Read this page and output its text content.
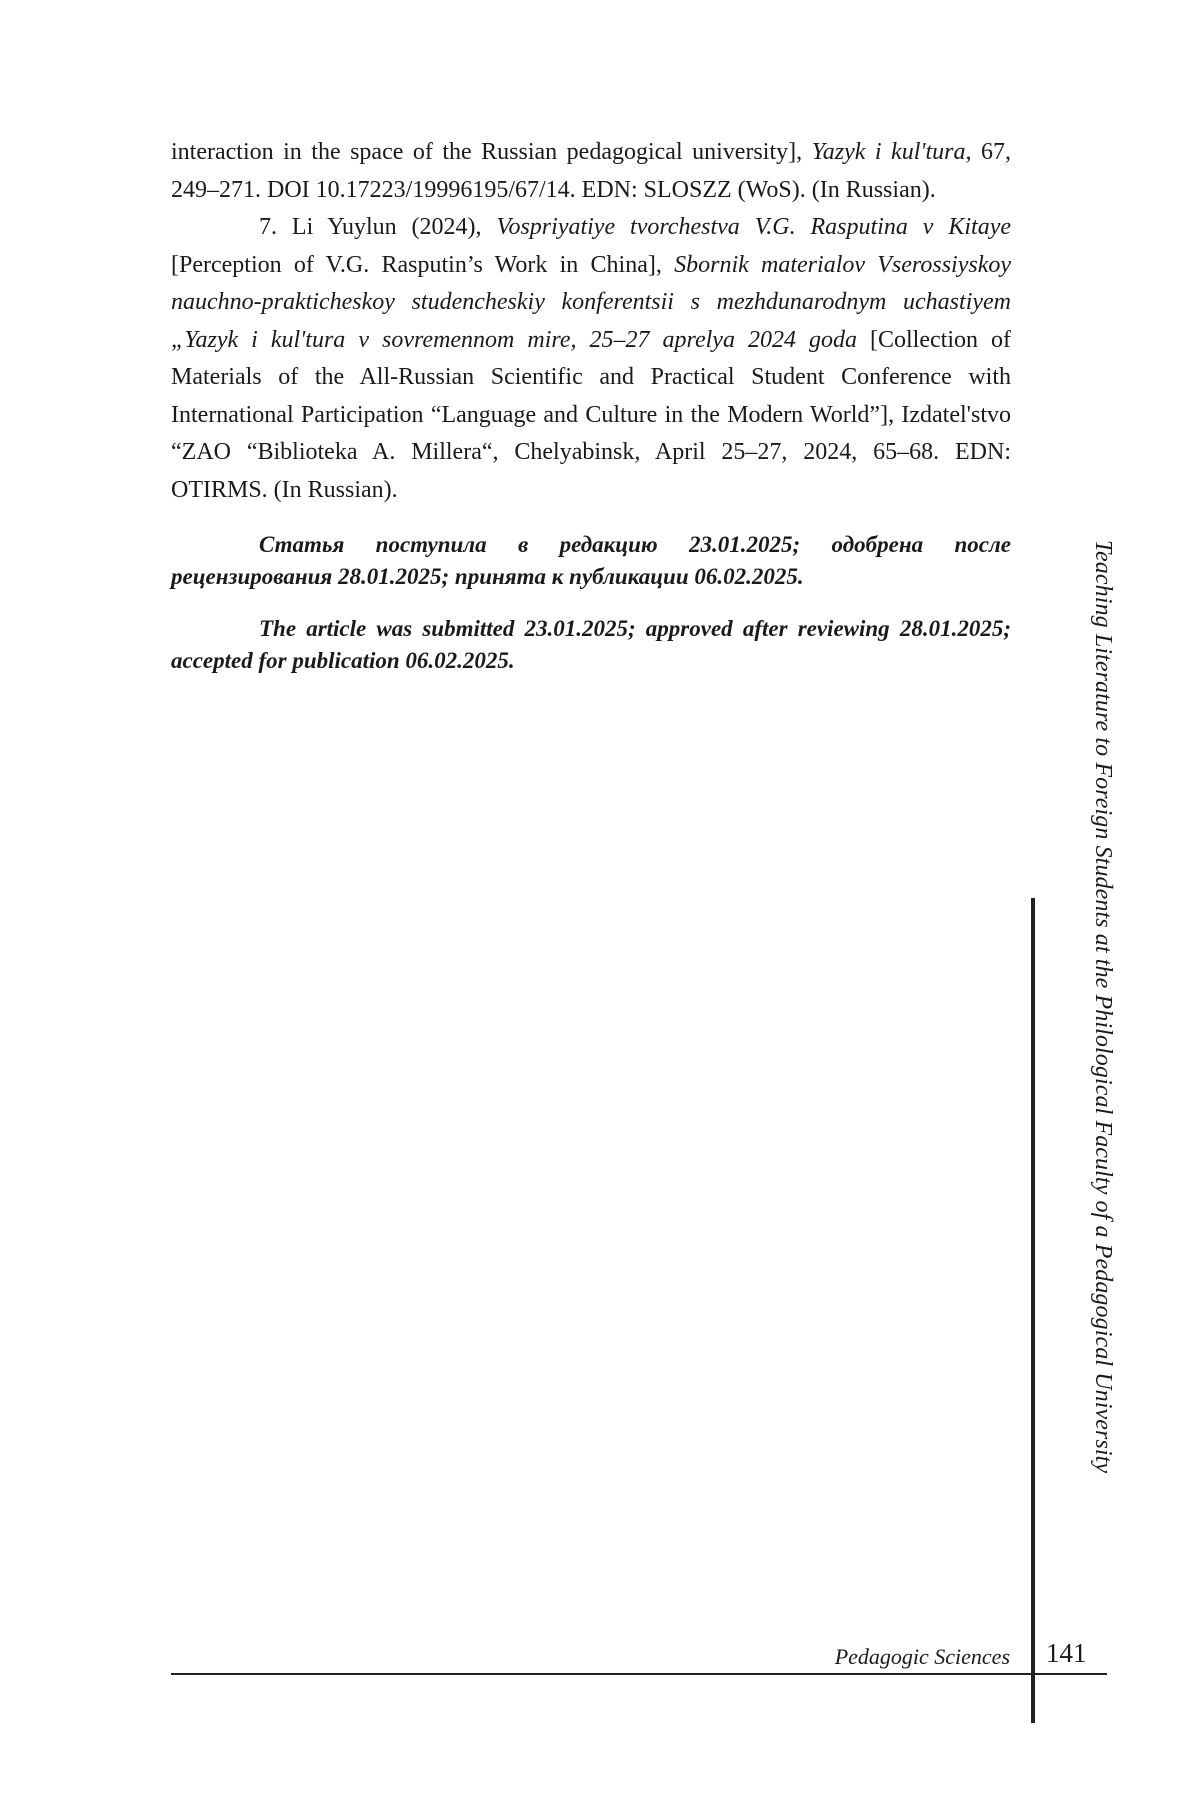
interaction in the space of the Russian pedagogical university], Yazyk i kul'tura, 67, 249–271. DOI 10.17223/19996195/67/14. EDN: SLOSZZ (WoS). (In Russian).

7. Li Yuylun (2024), Vospriyatiye tvorchestva V.G. Rasputina v Kitaye [Perception of V.G. Rasputin’s Work in China], Sbornik materialov Vserossiyskoy nauchno-prakticheskoy studencheskiy konferentsii s mezhdunarodnym uchastiyem „Yazyk i kul'tura v sovremennom mire, 25–27 aprelya 2024 goda [Collection of Materials of the All-Russian Scientific and Practical Student Conference with International Participation “Language and Culture in the Modern World”], Izdatel'stvo “ZAO “Biblioteka A. Millera“, Chelyabinsk, April 25–27, 2024, 65–68. EDN: OTIRMS. (In Russian).

Статья поступила в редакцию 23.01.2025; одобрена после рецензирования 28.01.2025; принята к публикации 06.02.2025.

The article was submitted 23.01.2025; approved after reviewing 28.01.2025; accepted for publication 06.02.2025.	Teaching Literature to Foreign Students at the Philological Faculty of a Pedagogical University
Pedagogic Sciences 141
